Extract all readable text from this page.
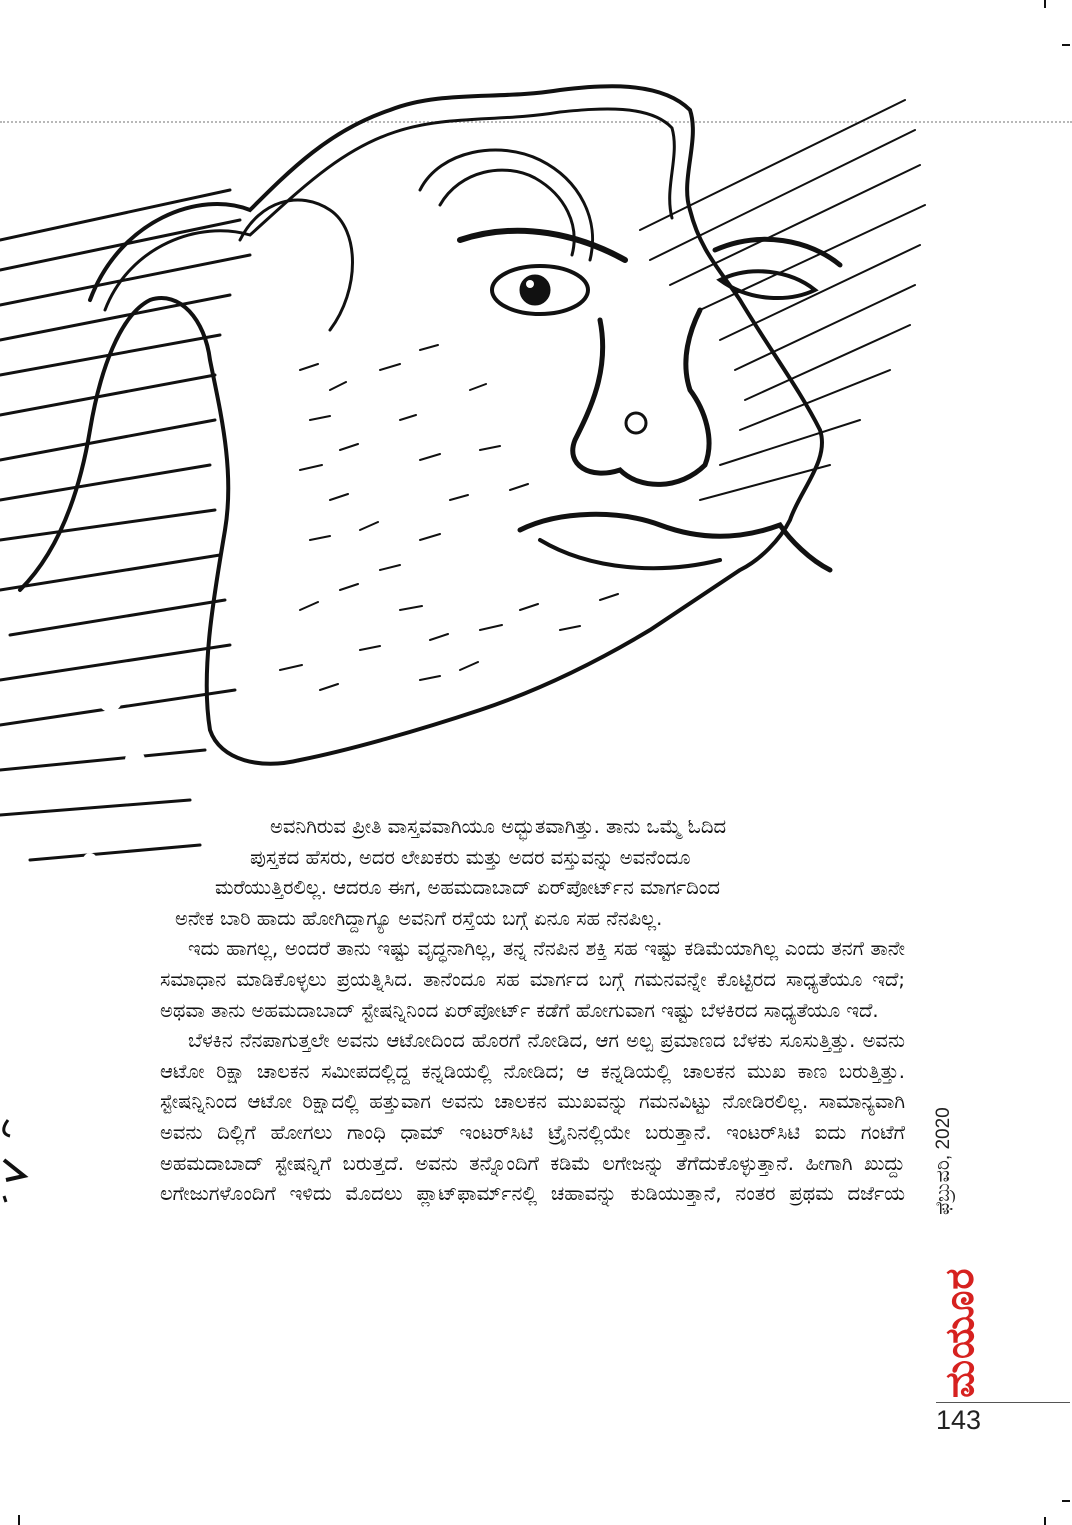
ಅವನಿಗಿರುವ ಪ್ರೀತಿ ವಾಸ್ತವವಾಗಿಯೂ ಅದ್ಭುತವಾಗಿತ್ತು. ತಾನು ಒಮ್ಮೆ ಓದಿದ
ಪುಸ್ತಕದ ಹೆಸರು, ಅದರ ಲೇಖಕರು ಮತ್ತು ಅದರ ವಸ್ತುವನ್ನು ಅವನೆಂದೂ
ಮರೆಯುತ್ತಿರಲಿಲ್ಲ. ಆದರೂ ಈಗ, ಅಹಮದಾಬಾದ್ ಏರ್‌ಪೋರ್ಟ್‌ನ ಮಾರ್ಗದಿಂದ
ಅನೇಕ ಬಾರಿ ಹಾದು ಹೋಗಿದ್ದಾಗ್ಯೂ ಅವನಿಗೆ ರಸ್ತೆಯ ಬಗ್ಗೆ ಏನೂ ಸಹ ನೆನಪಿಲ್ಲ.

ಇದು ಹಾಗಲ್ಲ, ಅಂದರೆ ತಾನು ಇಷ್ಟು ವೃದ್ಧನಾಗಿಲ್ಲ, ತನ್ನ ನೆನಪಿನ ಶಕ್ತಿ ಸಹ ಇಷ್ಟು ಕಡಿಮೆಯಾಗಿಲ್ಲ ಎಂದು ತನಗೆ ತಾನೇ ಸಮಾಧಾನ ಮಾಡಿಕೊಳ್ಳಲು ಪ್ರಯತ್ನಿಸಿದ. ತಾನೆಂದೂ ಸಹ ಮಾರ್ಗದ ಬಗ್ಗೆ ಗಮನವನ್ನೇ ಕೊಟ್ಟಿರದ ಸಾಧ್ಯತೆಯೂ ಇದೆ; ಅಥವಾ ತಾನು ಅಹಮದಾಬಾದ್ ಸ್ಟೇಷನ್ನಿನಿಂದ ಏರ್‌ಪೋರ್ಟ್ ಕಡೆಗೆ ಹೋಗುವಾಗ ಇಷ್ಟು ಬೆಳಕಿರದ ಸಾಧ್ಯತೆಯೂ ಇದೆ.

ಬೆಳಕಿನ ನೆನಪಾಗುತ್ತಲೇ ಅವನು ಆಟೋದಿಂದ ಹೊರಗೆ ನೋಡಿದ, ಆಗ ಅಲ್ಪ ಪ್ರಮಾಣದ ಬೆಳಕು ಸೂಸುತ್ತಿತ್ತು. ಅವನು ಆಟೋ ರಿಕ್ಷಾ ಚಾಲಕನ ಸಮೀಪದಲ್ಲಿದ್ದ ಕನ್ನಡಿಯಲ್ಲಿ ನೋಡಿದ; ಆ ಕನ್ನಡಿಯಲ್ಲಿ ಚಾಲಕನ ಮುಖ ಕಾಣ ಬರುತ್ತಿತ್ತು. ಸ್ಟೇಷನ್ನಿನಿಂದ ಆಟೋ ರಿಕ್ಷಾದಲ್ಲಿ ಹತ್ತುವಾಗ ಅವನು ಚಾಲಕನ ಮುಖವನ್ನು ಗಮನವಿಟ್ಟು ನೋಡಿರಲಿಲ್ಲ. ಸಾಮಾನ್ಯವಾಗಿ ಅವನು ದಿಲ್ಲಿಗೆ ಹೋಗಲು ಗಾಂಧಿ ಧಾಮ್ ಇಂಟರ್‌ಸಿಟಿ ಟ್ರೈನಿನಲ್ಲಿಯೇ ಬರುತ್ತಾನೆ. ಇಂಟರ್‌ಸಿಟಿ ಐದು ಗಂಟೆಗೆ ಅಹಮದಾಬಾದ್ ಸ್ಟೇಷನ್ನಿಗೆ ಬರುತ್ತದೆ. ಅವನು ತನ್ನೊಂದಿಗೆ ಕಡಿಮೆ ಲಗೇಜನ್ನು ತೆಗೆದುಕೊಳ್ಳುತ್ತಾನೆ. ಹೀಗಾಗಿ ಖುದ್ದು ಲಗೇಜುಗಳೊಂದಿಗೆ ಇಳಿದು ಮೊದಲು ಪ್ಲಾಟ್‌ಫಾರ್ಮ್‌ನಲ್ಲಿ ಚಹಾವನ್ನು ಕುಡಿಯುತ್ತಾನೆ, ನಂತರ ಪ್ರಥಮ ದರ್ಜೆಯ	ಫೆಬ್ರುವರಿ, 2020
ಮಯೂರ
143
